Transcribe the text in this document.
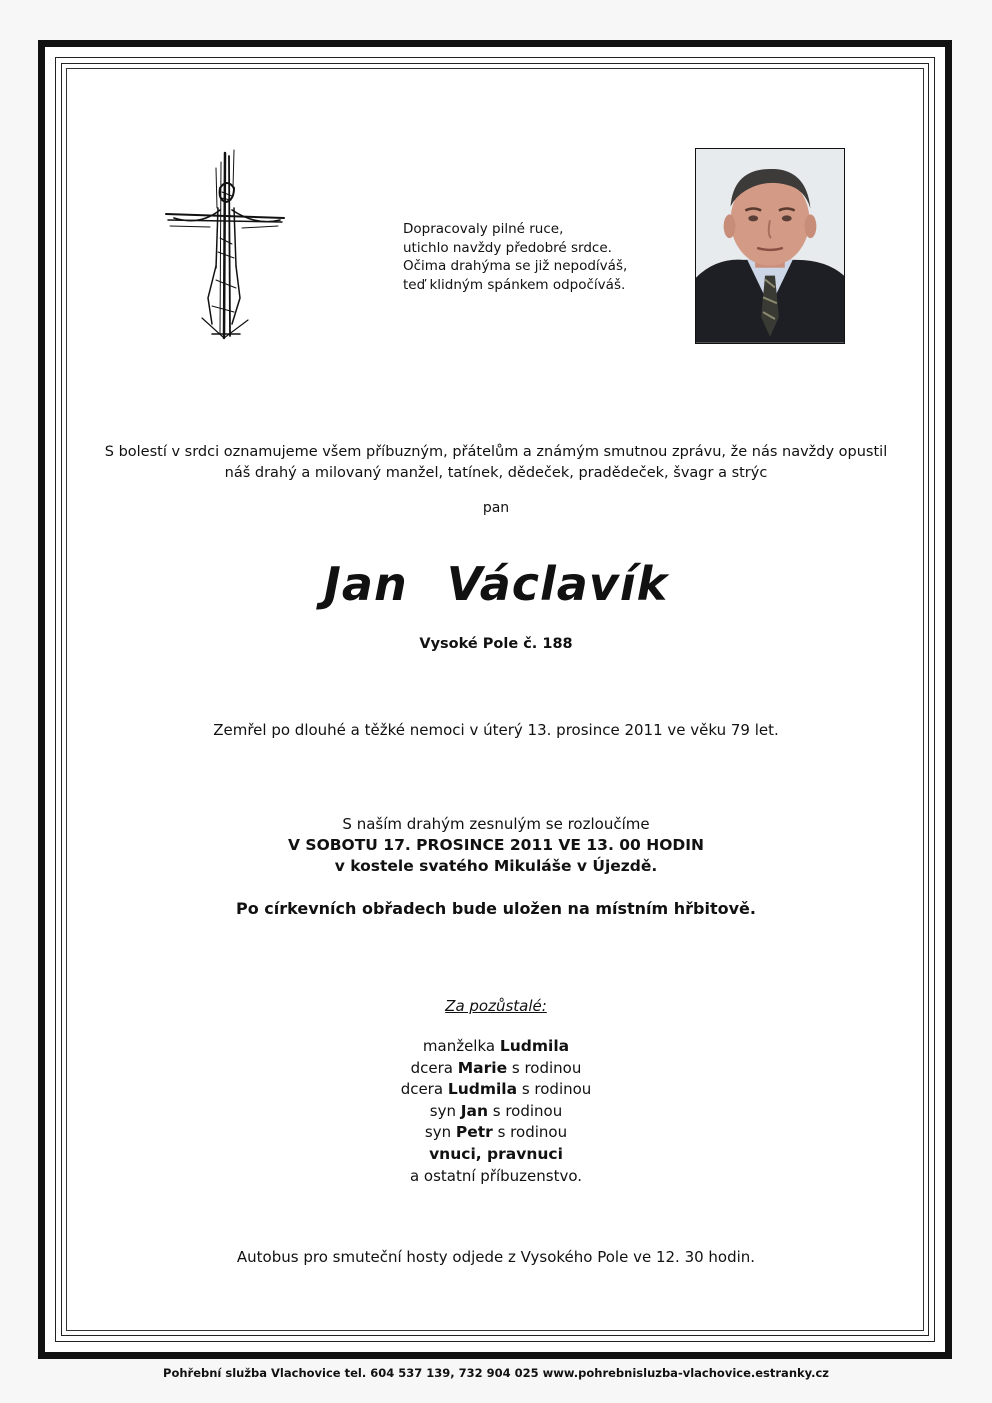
Dopracovaly pilné ruce,
utichlo navždy předobré srdce.
Očima drahýma se již nepodíváš,
teď klidným spánkem odpočíváš.
S bolestí v srdci oznamujeme všem příbuzným, přátelům a známým smutnou zprávu, že nás navždy opustil
náš drahý a milovaný manžel, tatínek, dědeček, pradědeček, švagr a strýc
pan
Jan Václavík
Vysoké Pole č. 188
Zemřel po dlouhé a těžké nemoci v úterý 13. prosince 2011 ve věku 79 let.
S naším drahým zesnulým se rozloučíme
V SOBOTU 17. PROSINCE 2011 VE 13. 00 HODIN
v kostele svatého Mikuláše v Újezdě.
Po církevních obřadech bude uložen na místním hřbitově.
Za pozůstalé:
manželka Ludmila
dcera Marie s rodinou
dcera Ludmila s rodinou
syn Jan s rodinou
syn Petr s rodinou
vnuci, pravnuci
a ostatní příbuzenstvo.
Autobus pro smuteční hosty odjede z Vysokého Pole ve 12. 30 hodin.
Pohřební služba Vlachovice tel. 604 537 139, 732 904 025 www.pohrebnisluzba-vlachovice.estranky.cz
